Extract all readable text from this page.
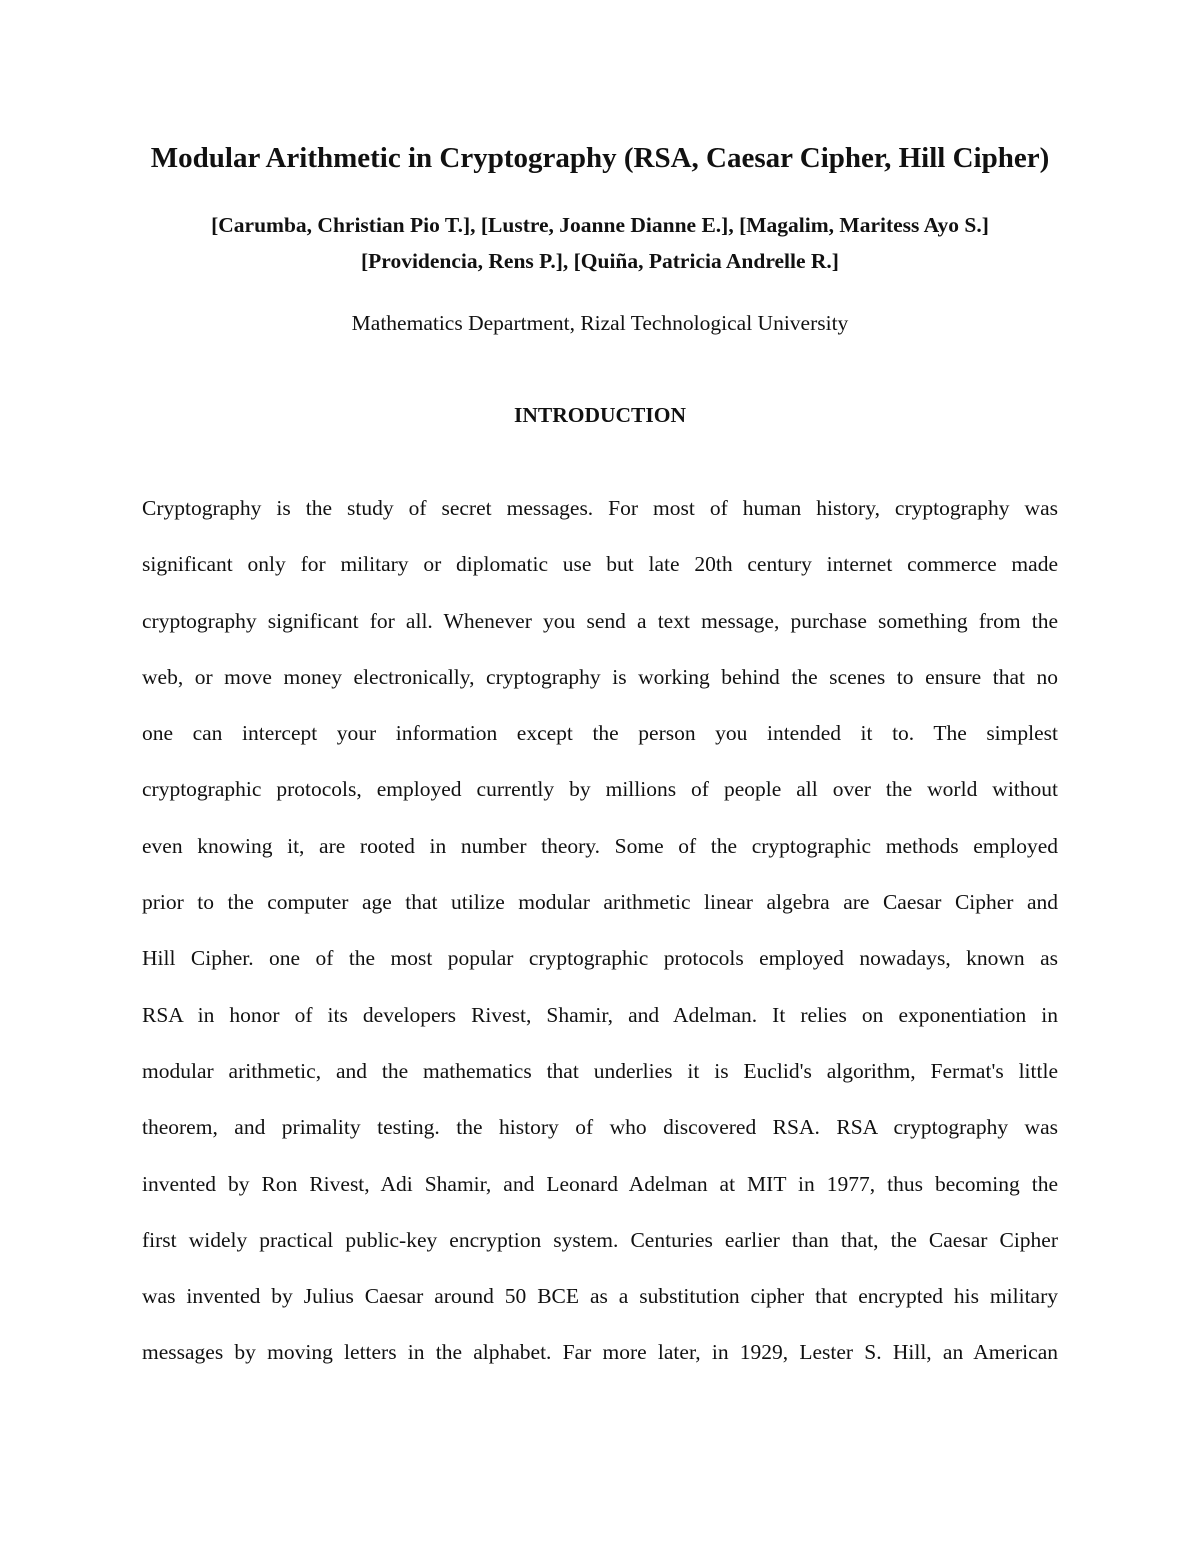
Modular Arithmetic in Cryptography (RSA, Caesar Cipher, Hill Cipher)
[Carumba, Christian Pio T.], [Lustre, Joanne Dianne E.], [Magalim, Maritess Ayo S.]
[Providencia, Rens P.], [Quiña, Patricia Andrelle R.]
Mathematics Department, Rizal Technological University
INTRODUCTION
Cryptography is the study of secret messages. For most of human history, cryptography was
significant only for military or diplomatic use but late 20th century internet commerce made
cryptography significant for all. Whenever you send a text message, purchase something from the
web, or move money electronically, cryptography is working behind the scenes to ensure that no
one can intercept your information except the person you intended it to. The simplest
cryptographic protocols, employed currently by millions of people all over the world without
even knowing it, are rooted in number theory. Some of the cryptographic methods employed
prior to the computer age that utilize modular arithmetic linear algebra are Caesar Cipher and
Hill Cipher. one of the most popular cryptographic protocols employed nowadays, known as
RSA in honor of its developers Rivest, Shamir, and Adelman. It relies on exponentiation in
modular arithmetic, and the mathematics that underlies it is Euclid's algorithm, Fermat's little
theorem, and primality testing. the history of who discovered RSA. RSA cryptography was
invented by Ron Rivest, Adi Shamir, and Leonard Adelman at MIT in 1977, thus becoming the
first widely practical public-key encryption system. Centuries earlier than that, the Caesar Cipher
was invented by Julius Caesar around 50 BCE as a substitution cipher that encrypted his military
messages by moving letters in the alphabet. Far more later, in 1929, Lester S. Hill, an American
